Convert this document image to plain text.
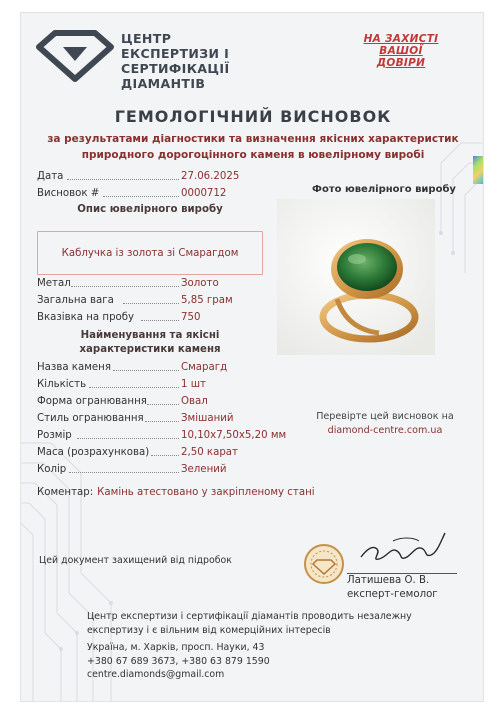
ЦЕНТР
ЕКСПЕРТИЗИ І СЕРТИФІКАЦІЇ
ДІАМАНТІВ
НА ЗАХИСТІ
ВАШОЇ
ДОВІРИ
ГЕМОЛОГІЧНИЙ ВИСНОВОК
за результатами діагностики та визначення якісних характеристик
природного дорогоцінного каменя в ювелірному виробі
Дата	27.06.2025
Висновок #	0000712
Опис ювелірного виробу
Каблучка із золота зі Смарагдом
Метал	Золото
Загальна вага	5,85 грам
Вказівка на пробу	750
Найменування та якісні
характеристики каменя
Назва каменя	Смарагд
Кількість	1 шт
Форма огранювання	Овал
Стиль огранювання	Змішаний
Розмір	10,10x7,50x5,20 мм
Маса (розрахункова)	2,50 карат
Колір	Зелений
Коментар: Камінь атестовано у закріпленому стані
Фото ювелірного виробу
Перевірте цей висновок на
diamond-centre.com.ua
Цей документ захищений від підробок
Латишева О. В.
експерт-гемолог
Центр експертизи і сертифікації діамантів проводить незалежну експертизу і є вільним від комерційних інтересів
Україна, м. Харків, просп. Науки, 43
+380 67 689 3673, +380 63 879 1590
centre.diamonds@gmail.com
